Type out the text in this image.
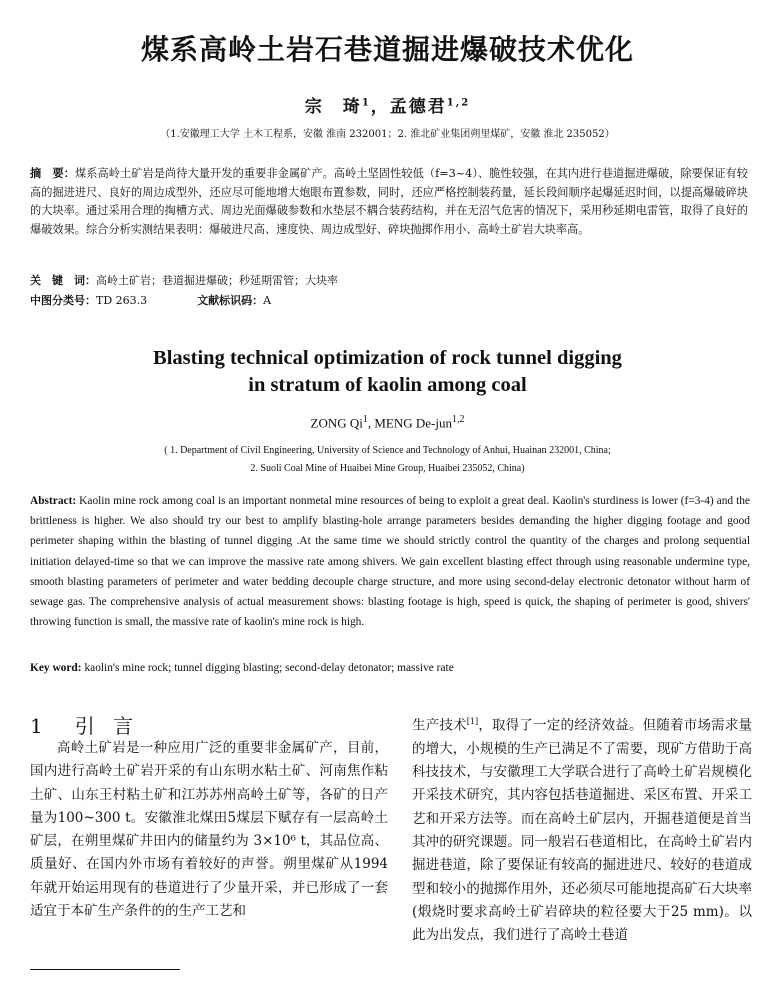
煤系高岭土岩石巷道掘进爆破技术优化
宗　琦$^1$，孟德君$^{1,2}$
（1.安徽理工大学 土木工程系，安徽 淮南 232001；2. 淮北矿业集团朔里煤矿，安徽 淮北 235052）
摘　要：煤系高岭土矿岩是尚待大量开发的重要非金属矿产。高岭土坚固性较低（f=3~4）、脆性较强，在其内进行巷道掘进爆破，除要保证有较高的掘进进尺、良好的周边成型外，还应尽可能地增大炮眼布置参数，同时，还应严格控制装药量，延长段间顺序起爆延迟时间，以提高爆破碎块的大块率。通过采用合理的掏槽方式、周边光面爆破参数和水垫层不耦合装药结构，并在无沼气危害的情况下，采用秒延期电雷管，取得了良好的爆破效果。综合分析实测结果表明：爆破进尺高、速度快、周边成型好、碎块抛掷作用小、高岭土矿岩大块率高。
关　键　词：高岭土矿岩；巷道掘进爆破；秒延期雷管；大块率
中图分类号：TD 263.3	文献标识码：A
Blasting technical optimization of rock tunnel digging
in stratum of kaolin among coal
ZONG Qi$^1$, MENG De-jun$^{1,2}$
( 1. Department of Civil Engineering, University of Science and Technology of Anhui, Huainan 232001, China;
2. Suoli Coal Mine of Huaibei Mine Group, Huaibei 235052, China)
Abstract: Kaolin mine rock among coal is an important nonmetal mine resources of being to exploit a great deal. Kaolin's sturdiness is lower (f=3-4) and the brittleness is higher. We also should try our best to amplify blasting-hole arrange parameters besides demanding the higher digging footage and good perimeter shaping within the blasting of tunnel digging .At the same time we should strictly control the quantity of the charges and prolong sequential initiation delayed-time so that we can improve the massive rate among shivers. We gain excellent blasting effect through using reasonable undermine type, smooth blasting parameters of perimeter and water bedding decouple charge structure, and more using second-delay electronic detonator without harm of sewage gas. The comprehensive analysis of actual measurement shows: blasting footage is high, speed is quick, the shaping of perimeter is good, shivers' throwing function is small, the massive rate of kaolin's mine rock is high.
Key word: kaolin's mine rock; tunnel digging blasting; second-delay detonator; massive rate
1　引 言
高岭土矿岩是一种应用广泛的重要非金属矿产，目前，国内进行高岭土矿岩开采的有山东明水粘土矿、河南焦作粘土矿、山东王村粘土矿和江苏苏州高岭土矿等，各矿的日产量为100~300 t。安徽淮北煤田5煤层下赋存有一层高岭土矿层，在朔里煤矿井田内的储量约为 3×10⁶ t，其品位高、质量好、在国内外市场有着较好的声誉。朔里煤矿从1994年就开始运用现有的巷道进行了少量开采，并已形成了一套适宜于本矿生产条件的的生产工艺和
生产技术[1]，取得了一定的经济效益。但随着市场需求量的增大，小规模的生产已满足不了需要，现矿方借助于高科技技术，与安徽理工大学联合进行了高岭土矿岩规模化开采技术研究，其内容包括巷道掘进、采区布置、开采工艺和开采方法等。而在高岭土矿层内，开掘巷道便是首当其冲的研究课题。同一般岩石巷道相比，在高岭土矿岩内掘进巷道，除了要保证有较高的掘进进尺、较好的巷道成型和较小的抛掷作用外，还必须尽可能地提高矿石大块率(煅烧时要求高岭土矿岩碎块的粒径要大于25 mm)。以此为出发点，我们进行了高岭土巷道
